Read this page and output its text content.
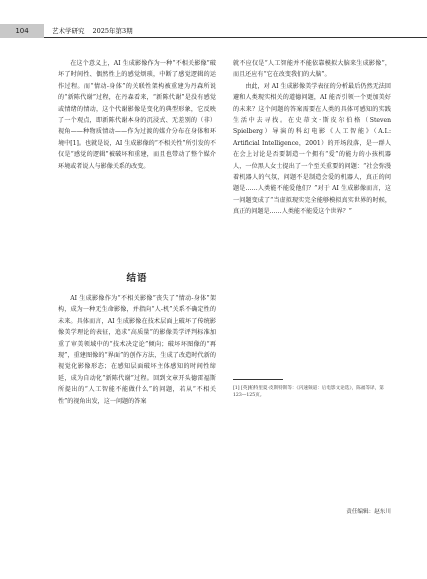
104	艺术学研究 2025年第3期

在这个意义上，AI 生成影像作为一种“不相关影像”破坏了时间性、偶然性上的感觉烦琐，中断了感觉逻辑的运作过程。而“情动-身体”的关联性架构被重建为丹森所说的“新陈代谢”过程，在丹森看来，“新陈代谢”是没有感觉或情绪的情动，这个代谢影像是变化的典型形象，它反映了一个观点，即新陈代谢本身的沉浸式、无差别的（非）视角——种物质情动——作为过渡的媒介分布在身体和环境中[1]。也就是说，AI 生成影像的“不相关性”所引发的不仅是“感觉的逻辑”被破坏和重建，而且也带动了整个媒介环境或者说人与影像关系的改变。

结语

AI 生成影像作为“不相关影像”丧失了“情动-身体”架构，成为一种无生命影像，并指向“人-机”关系不确定性的未来。具体而言，AI 生成影像在技术层面上破坏了传统影像美学理论的表征，追求“高质量”的影像美学评判标准加重了审美领域中的“技术决定论”倾向；破坏坏图像的“再现”，重建图像的“界面”的创作方法，生成了改造时代新的视觉化影像形态；在感知层面破坏主体感知的时间性缔延，成为自动化“新陈代谢”过程。回到文章开头德雷福斯所提出的“人工智能不能做什么”的问题，若从“不相关性”的视角出发，这一问题的答案

就不应仅是“人工智能并不能依靠模拟大脑来生成影像”，而且还应有“它在改变我们的大脑”。

由此，对 AI 生成影像美学表征的分析最后仍然无法回避和人类现实相关的道德问题，AI 能否引领一个更加美好的未来？这个问题的答案需要在人类的具体可感知的实践生活中去寻找。在史蒂文·斯皮尔伯格（Steven Spielberg）导演的科幻电影《人工智能》（A.I.: Artificial Intelligence，2001）的开场段落，是一群人在会上讨论是否要制造一个拥有“爱”的能力的小孩机器人，一位黑人女士提出了一个至关重要的问题：“社会弥漫着机器人的气氛，问题不是制造会爱的机器人，真正的问题是……人类能不能爱他们？”对于 AI 生成影像而言，这一问题变成了“当虚拟现实完全能够模拟真实世界的时候，真正的问题是……人类能不能爱这个世界？”

[1] [英]帕特里夏·皮斯特斯等：《闪速频道：后电影文论选》，陈福等译，第123—125页。
责任编辑：赵东川
